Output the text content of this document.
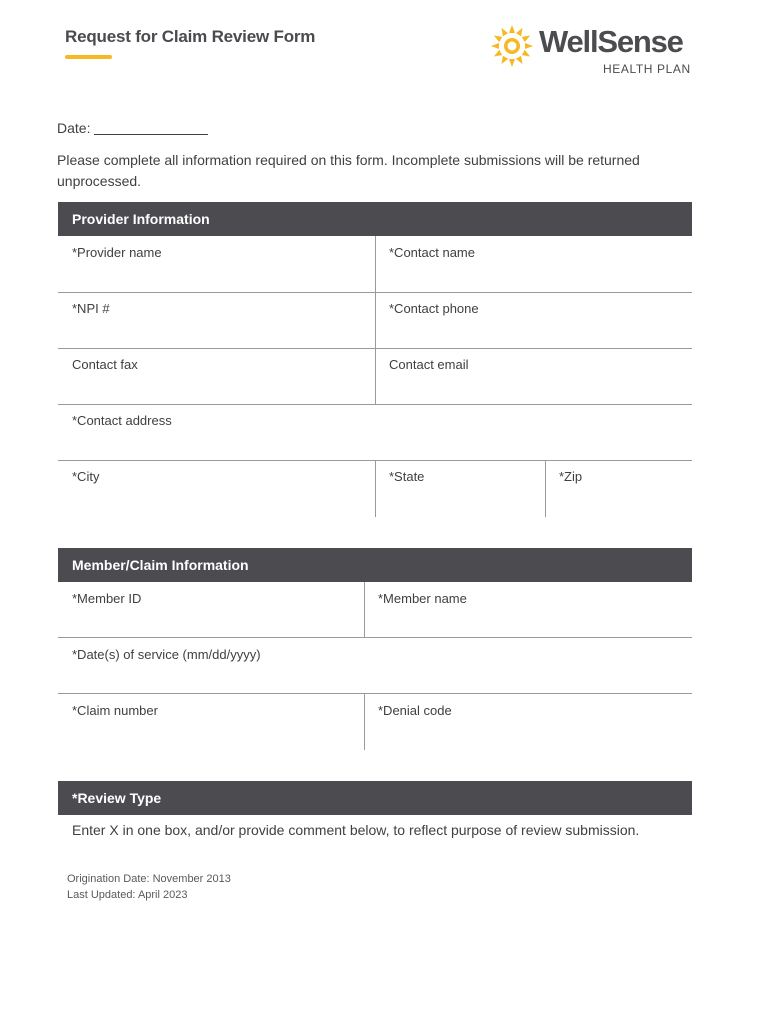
Request for Claim Review Form	WellSense
HEALTH PLAN
Date:
Please complete all information required on this form. Incomplete submissions will be returned unprocessed.
Provider Information
*Provider name	*Contact name
*NPI #	*Contact phone
Contact fax	Contact email
*Contact address
*City	*State	*Zip
Member/Claim Information
*Member ID	*Member name
*Date(s) of service (mm/dd/yyyy)
*Claim number	*Denial code
*Review Type
Enter X in one box, and/or provide comment below, to reflect purpose of review submission.
Origination Date: November 2013
Last Updated: April 2023
